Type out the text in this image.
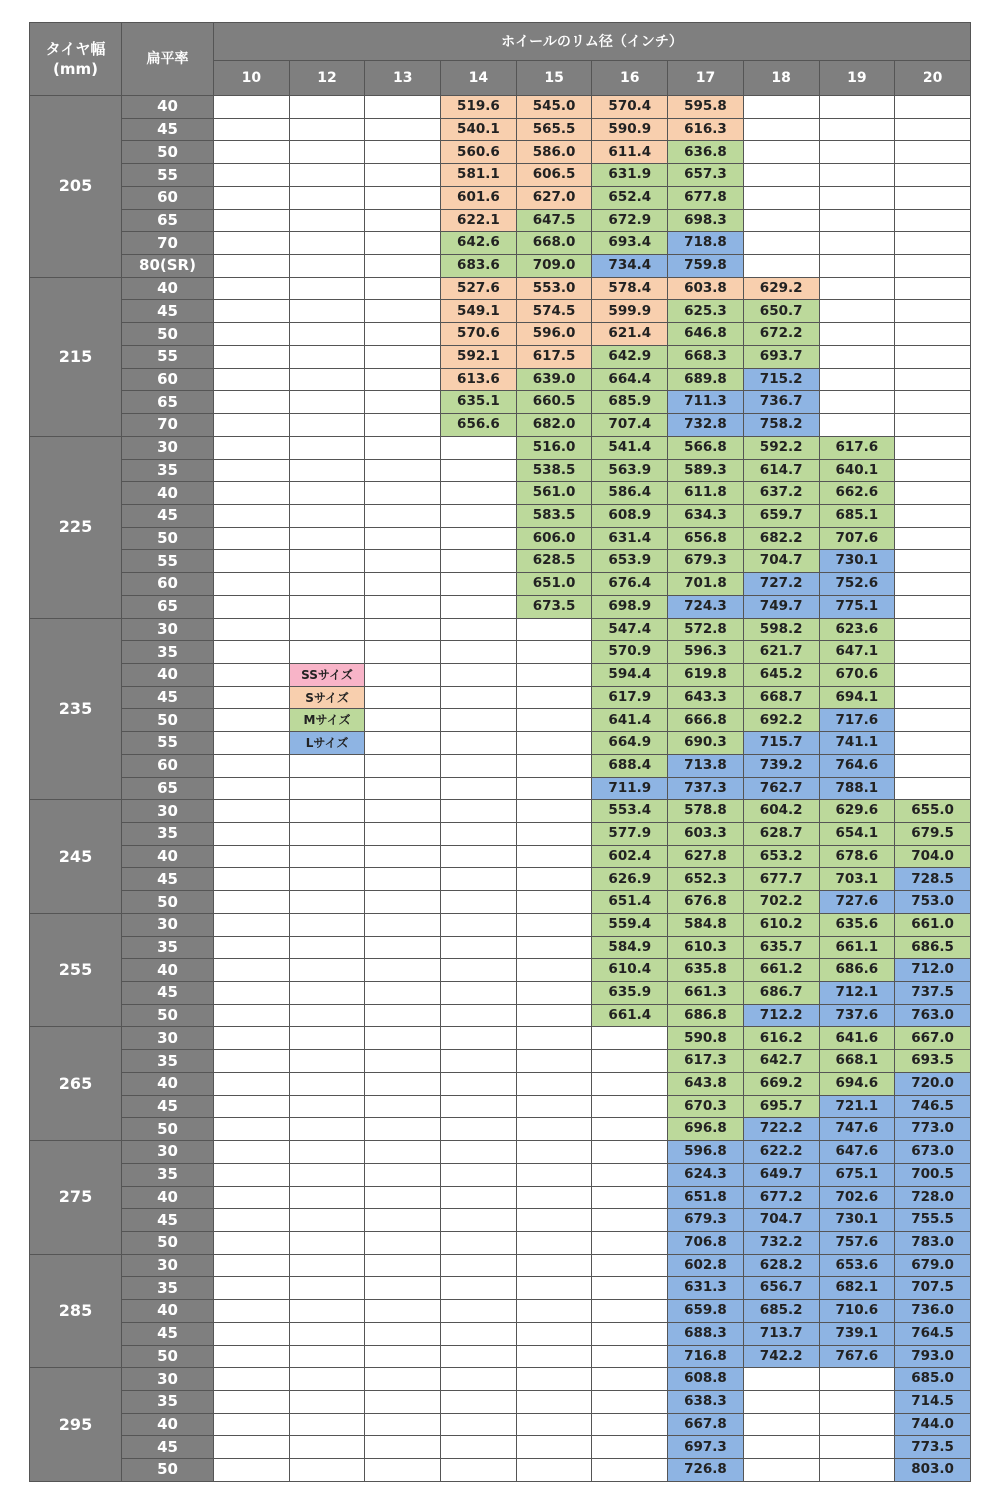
タイヤ幅
(mm)	扁平率	ホイールのリム径（インチ）									
		10	12	13	14	15	16	17	18	19	20
205	40				519.6	545.0	570.4	595.8			
	45				540.1	565.5	590.9	616.3			
	50				560.6	586.0	611.4	636.8			
	55				581.1	606.5	631.9	657.3			
	60				601.6	627.0	652.4	677.8			
	65				622.1	647.5	672.9	698.3			
	70				642.6	668.0	693.4	718.8			
	80(SR)				683.6	709.0	734.4	759.8			
215	40				527.6	553.0	578.4	603.8	629.2		
	45				549.1	574.5	599.9	625.3	650.7		
	50				570.6	596.0	621.4	646.8	672.2		
	55				592.1	617.5	642.9	668.3	693.7		
	60				613.6	639.0	664.4	689.8	715.2		
	65				635.1	660.5	685.9	711.3	736.7		
	70				656.6	682.0	707.4	732.8	758.2		
225	30					516.0	541.4	566.8	592.2	617.6	
	35					538.5	563.9	589.3	614.7	640.1	
	40					561.0	586.4	611.8	637.2	662.6	
	45					583.5	608.9	634.3	659.7	685.1	
	50					606.0	631.4	656.8	682.2	707.6	
	55					628.5	653.9	679.3	704.7	730.1	
	60					651.0	676.4	701.8	727.2	752.6	
	65					673.5	698.9	724.3	749.7	775.1	
235	30						547.4	572.8	598.2	623.6	
	35						570.9	596.3	621.7	647.1	
	40		SSサイズ				594.4	619.8	645.2	670.6	
	45		Sサイズ				617.9	643.3	668.7	694.1	
	50		Mサイズ				641.4	666.8	692.2	717.6	
	55		Lサイズ				664.9	690.3	715.7	741.1	
	60						688.4	713.8	739.2	764.6	
	65						711.9	737.3	762.7	788.1	
245	30						553.4	578.8	604.2	629.6	655.0
	35						577.9	603.3	628.7	654.1	679.5
	40						602.4	627.8	653.2	678.6	704.0
	45						626.9	652.3	677.7	703.1	728.5
	50						651.4	676.8	702.2	727.6	753.0
255	30						559.4	584.8	610.2	635.6	661.0
	35						584.9	610.3	635.7	661.1	686.5
	40						610.4	635.8	661.2	686.6	712.0
	45						635.9	661.3	686.7	712.1	737.5
	50						661.4	686.8	712.2	737.6	763.0
265	30							590.8	616.2	641.6	667.0
	35							617.3	642.7	668.1	693.5
	40							643.8	669.2	694.6	720.0
	45							670.3	695.7	721.1	746.5
	50							696.8	722.2	747.6	773.0
275	30							596.8	622.2	647.6	673.0
	35							624.3	649.7	675.1	700.5
	40							651.8	677.2	702.6	728.0
	45							679.3	704.7	730.1	755.5
	50							706.8	732.2	757.6	783.0
285	30							602.8	628.2	653.6	679.0
	35							631.3	656.7	682.1	707.5
	40							659.8	685.2	710.6	736.0
	45							688.3	713.7	739.1	764.5
	50							716.8	742.2	767.6	793.0
295	30							608.8			685.0
	35							638.3			714.5
	40							667.8			744.0
	45							697.3			773.5
	50							726.8			803.0
